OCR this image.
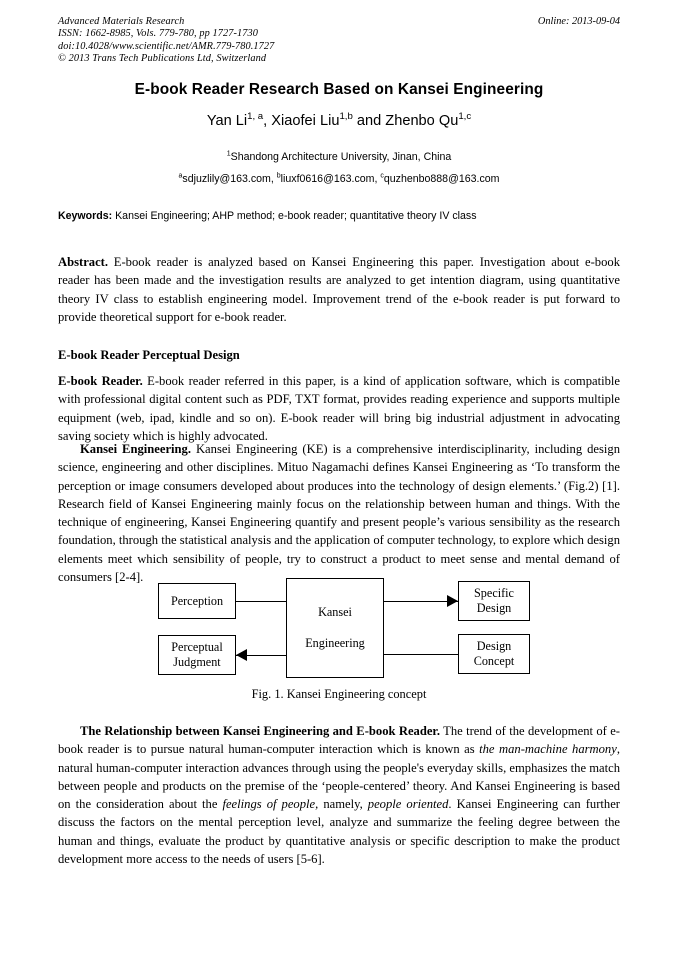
Advanced Materials Research
ISSN: 1662-8985, Vols. 779-780, pp 1727-1730
doi:10.4028/www.scientific.net/AMR.779-780.1727
© 2013 Trans Tech Publications Ltd, Switzerland
Online: 2013-09-04
E-book Reader Research Based on Kansei Engineering
Yan Li$^{1, a}$, Xiaofei Liu$^{1,b}$ and Zhenbo Qu$^{1,c}$
$^1$Shandong Architecture University, Jinan, China
$^a$sdjuzlily@163.com, $^b$liuxf0616@163.com, $^c$quzhenbo888@163.com
Keywords: Kansei Engineering; AHP method; e-book reader; quantitative theory IV class
Abstract. E-book reader is analyzed based on Kansei Engineering this paper. Investigation about e-book reader has been made and the investigation results are analyzed to get intention diagram, using quantitative theory IV class to establish engineering model. Improvement trend of the e-book reader is put forward to provide theoretical support for e-book reader.
E-book Reader Perceptual Design
E-book Reader. E-book reader referred in this paper, is a kind of application software, which is compatible with professional digital content such as PDF, TXT format, provides reading experience and supports multiple equipment (web, ipad, kindle and so on). E-book reader will bring big industrial adjustment in advocating saving society which is highly advocated.
Kansei Engineering. Kansei Engineering (KE) is a comprehensive interdisciplinarity, including design science, engineering and other disciplines. Mituo Nagamachi defines Kansei Engineering as ‘To transform the perception or image consumers developed about produces into the technology of design elements.’ (Fig.2) [1]. Research field of Kansei Engineering mainly focus on the relationship between human and things. With the technique of engineering, Kansei Engineering quantify and present people’s various sensibility as the research foundation, through the statistical analysis and the application of computer technology, to explore which design elements meet which sensibility of people, try to construct a product to meet sense and mental demand of consumers [2-4].
Perception
Perceptual
Judgment
Kansei
Engineering
Specific
Design
Design
Concept
Fig. 1. Kansei Engineering concept
The Relationship between Kansei Engineering and E-book Reader. The trend of the development of e-book reader is to pursue natural human-computer interaction which is known as the man-machine harmony, natural human-computer interaction advances through using the people's everyday skills, emphasizes the match between people and products on the premise of the ‘people-centered’ theory. And Kansei Engineering is based on the consideration about the feelings of people, namely, people oriented. Kansei Engineering can further discuss the factors on the mental perception level, analyze and summarize the feeling degree between the human and things, evaluate the product by quantitative analysis or specific description to make the product development more access to the needs of users [5-6].
